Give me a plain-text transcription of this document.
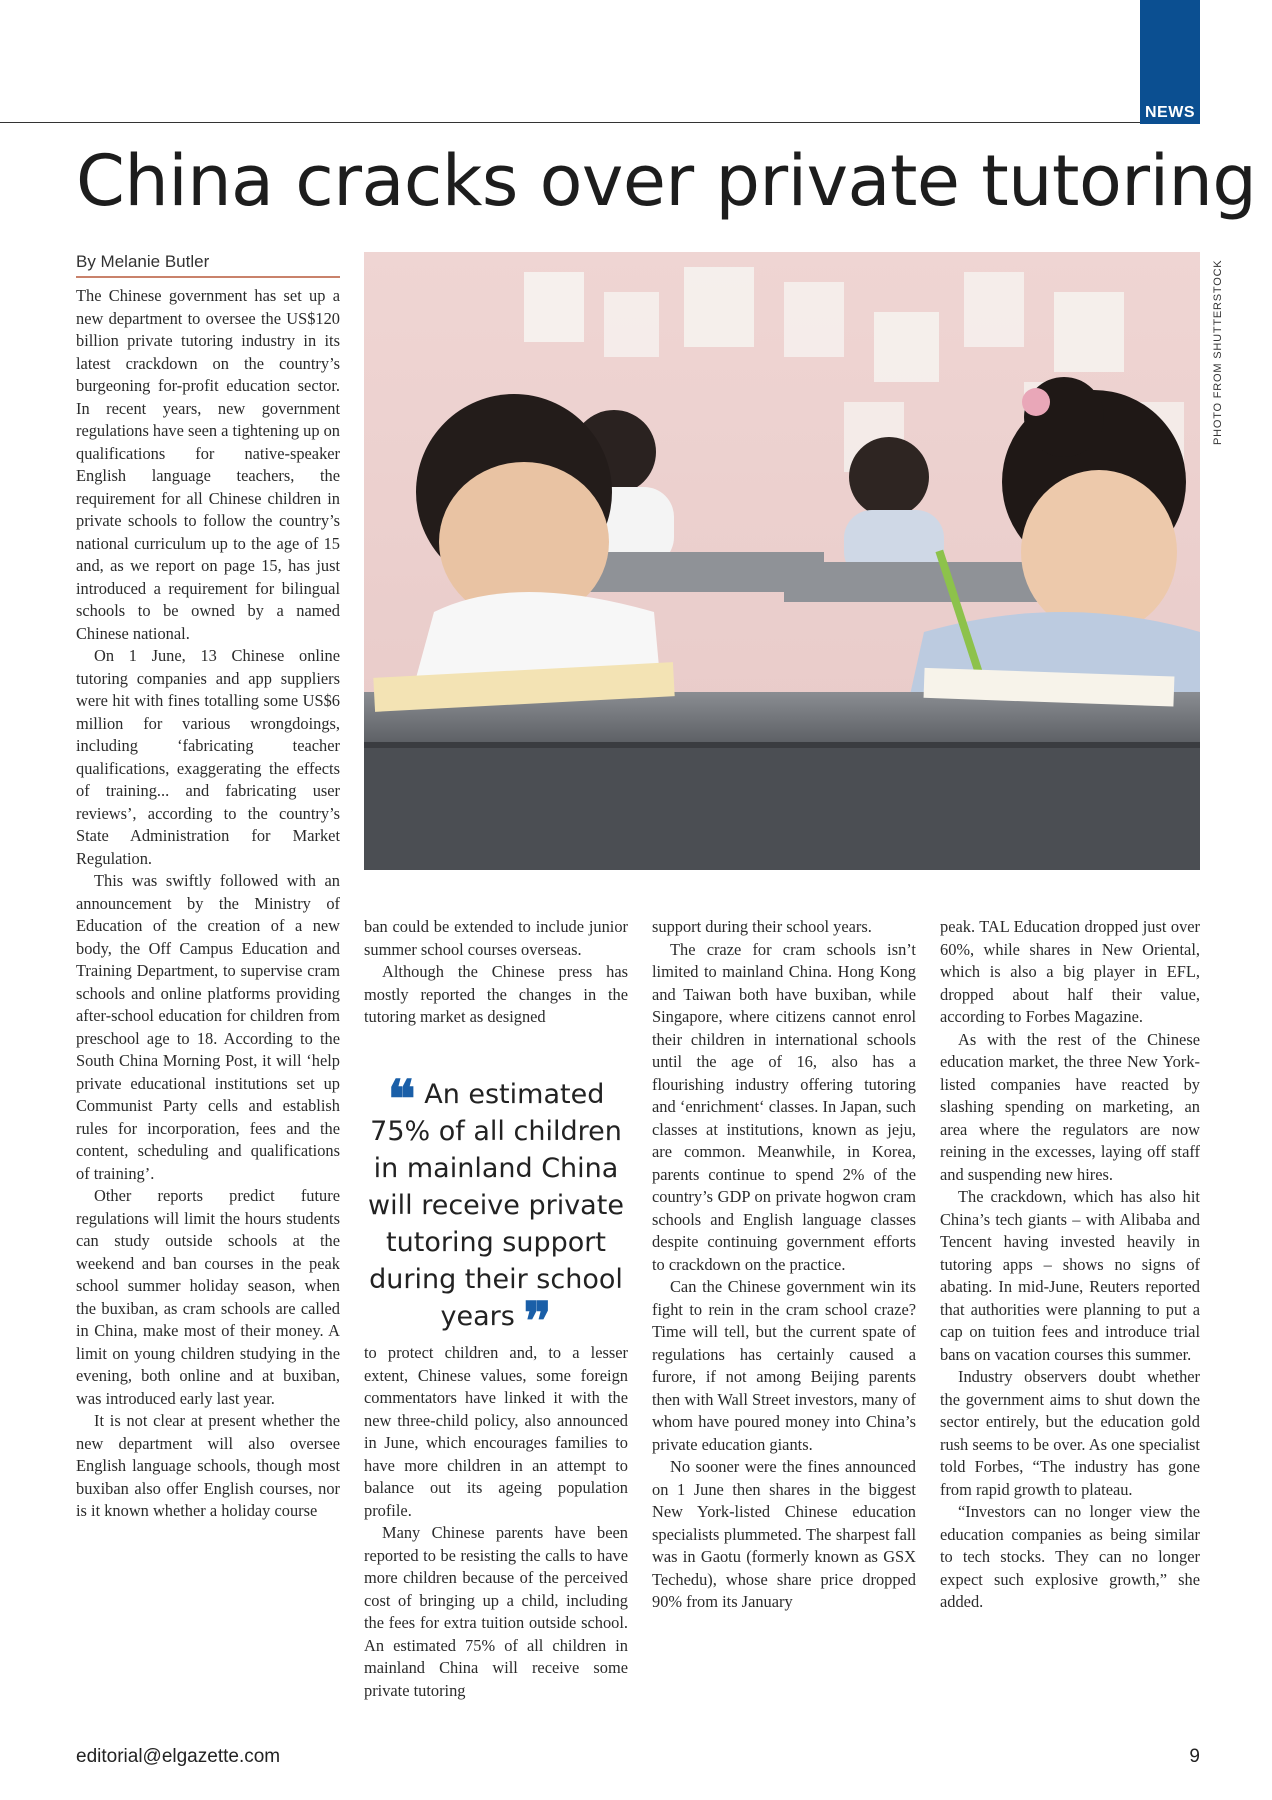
NEWS
China cracks over private tutoring
By Melanie Butler	PHOTO FROM SHUTTERSTOCK

The Chinese government has set up a new department to oversee the US$120 billion private tutoring industry in its latest crackdown on the country’s burgeoning for-profit education sector. In recent years, new government regulations have seen a tightening up on qualifications for native-speaker English language teachers, the requirement for all Chinese children in private schools to follow the country’s national curriculum up to the age of 15 and, as we report on page 15, has just introduced a requirement for bilingual schools to be owned by a named Chinese national.

On 1 June, 13 Chinese online tutoring companies and app suppliers were hit with fines totalling some US$6 million for various wrongdoings, including ‘fabricating teacher qualifications, exaggerating the effects of training... and fabricating user reviews’, according to the country’s State Administration for Market Regulation.

This was swiftly followed with an announcement by the Ministry of Education of the creation of a new body, the Off Campus Education and Training Department, to supervise cram schools and online platforms providing after-school education for children from preschool age to 18. According to the South China Morning Post, it will ‘help private educational institutions set up Communist Party cells and establish rules for incorporation, fees and the content, scheduling and qualifications of training’.

Other reports predict future regulations will limit the hours students can study outside schools at the weekend and ban courses in the peak school summer holiday season, when the buxiban, as cram schools are called in China, make most of their money. A limit on young children studying in the evening, both online and at buxiban, was introduced early last year.

It is not clear at present whether the new department will also oversee English language schools, though most buxiban also offer English courses, nor is it known whether a holiday course

ban could be extended to include junior summer school courses overseas.

Although the Chinese press has mostly reported the changes in the tutoring market as designed

❝ An estimated 75% of all children in mainland China will receive private tutoring support during their school years ❞

to protect children and, to a lesser extent, Chinese values, some foreign commentators have linked it with the new three-child policy, also announced in June, which encourages families to have more children in an attempt to balance out its ageing population profile.

Many Chinese parents have been reported to be resisting the calls to have more children because of the perceived cost of bringing up a child, including the fees for extra tuition outside school. An estimated 75% of all children in mainland China will receive some private tutoring

support during their school years.

The craze for cram schools isn’t limited to mainland China. Hong Kong and Taiwan both have buxiban, while Singapore, where citizens cannot enrol their children in international schools until the age of 16, also has a flourishing industry offering tutoring and ‘enrichment‘ classes. In Japan, such classes at institutions, known as jeju, are common. Meanwhile, in Korea, parents continue to spend 2% of the country’s GDP on private hogwon cram schools and English language classes despite continuing government efforts to crackdown on the practice.

Can the Chinese government win its fight to rein in the cram school craze? Time will tell, but the current spate of regulations has certainly caused a furore, if not among Beijing parents then with Wall Street investors, many of whom have poured money into China’s private education giants.

No sooner were the fines announced on 1 June then shares in the biggest New York-listed Chinese education specialists plummeted. The sharpest fall was in Gaotu (formerly known as GSX Techedu), whose share price dropped 90% from its January

peak. TAL Education dropped just over 60%, while shares in New Oriental, which is also a big player in EFL, dropped about half their value, according to Forbes Magazine.

As with the rest of the Chinese education market, the three New York-listed companies have reacted by slashing spending on marketing, an area where the regulators are now reining in the excesses, laying off staff and suspending new hires.

The crackdown, which has also hit China’s tech giants – with Alibaba and Tencent having invested heavily in tutoring apps – shows no signs of abating. In mid-June, Reuters reported that authorities were planning to put a cap on tuition fees and introduce trial bans on vacation courses this summer.

Industry observers doubt whether the government aims to shut down the sector entirely, but the education gold rush seems to be over. As one specialist told Forbes, “The industry has gone from rapid growth to plateau.

“Investors can no longer view the education companies as being similar to tech stocks. They can no longer expect such explosive growth,” she added.

editorial@elgazette.com	9
